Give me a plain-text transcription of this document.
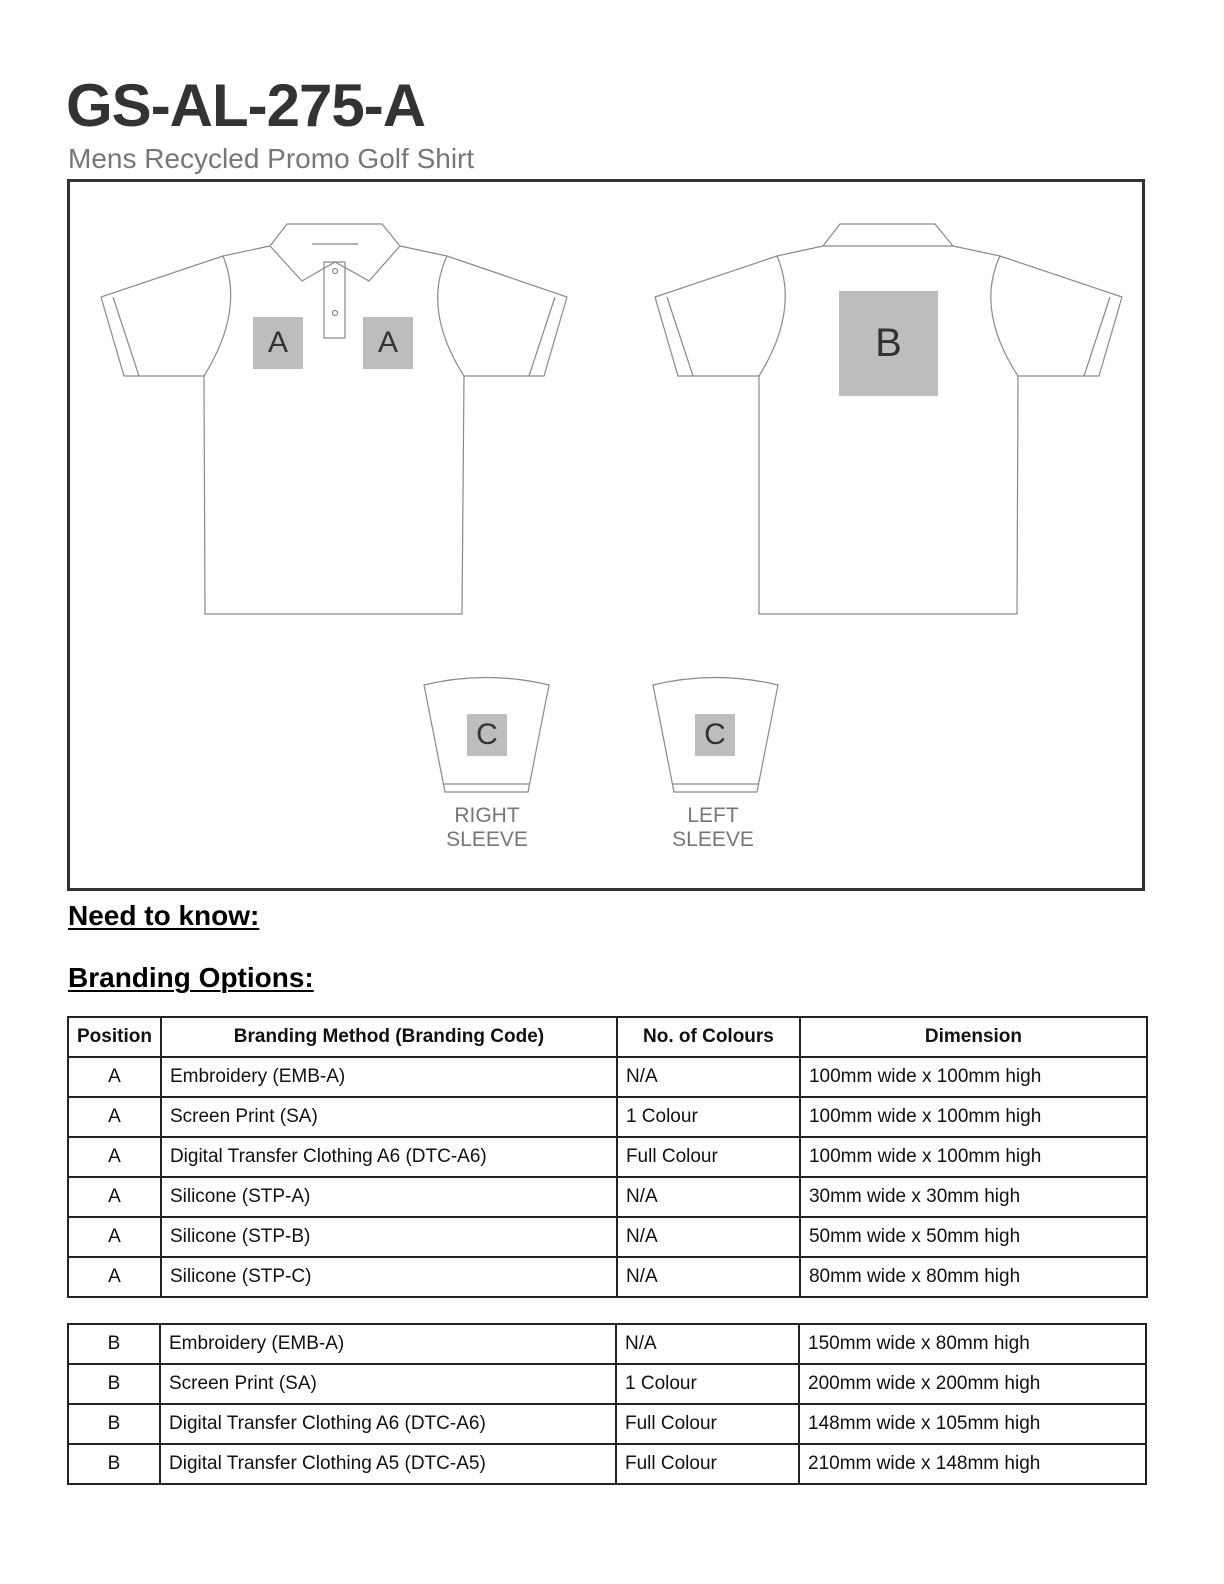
GS-AL-275-A
Mens Recycled Promo Golf Shirt
A	A	B
C	C
RIGHT
SLEEVE
LEFT
SLEEVE
Need to know:
Branding Options:
Position	Branding Method (Branding Code)	No. of Colours	Dimension
A	Embroidery (EMB-A)	N/A	100mm wide x 100mm high
A	Screen Print (SA)	1 Colour	100mm wide x 100mm high
A	Digital Transfer Clothing A6 (DTC-A6)	Full Colour	100mm wide x 100mm high
A	Silicone (STP-A)	N/A	30mm wide x 30mm high
A	Silicone (STP-B)	N/A	50mm wide x 50mm high
A	Silicone (STP-C)	N/A	80mm wide x 80mm high
B	Embroidery (EMB-A)	N/A	150mm wide x 80mm high
B	Screen Print (SA)	1 Colour	200mm wide x 200mm high
B	Digital Transfer Clothing A6 (DTC-A6)	Full Colour	148mm wide x 105mm high
B	Digital Transfer Clothing A5 (DTC-A5)	Full Colour	210mm wide x 148mm high
